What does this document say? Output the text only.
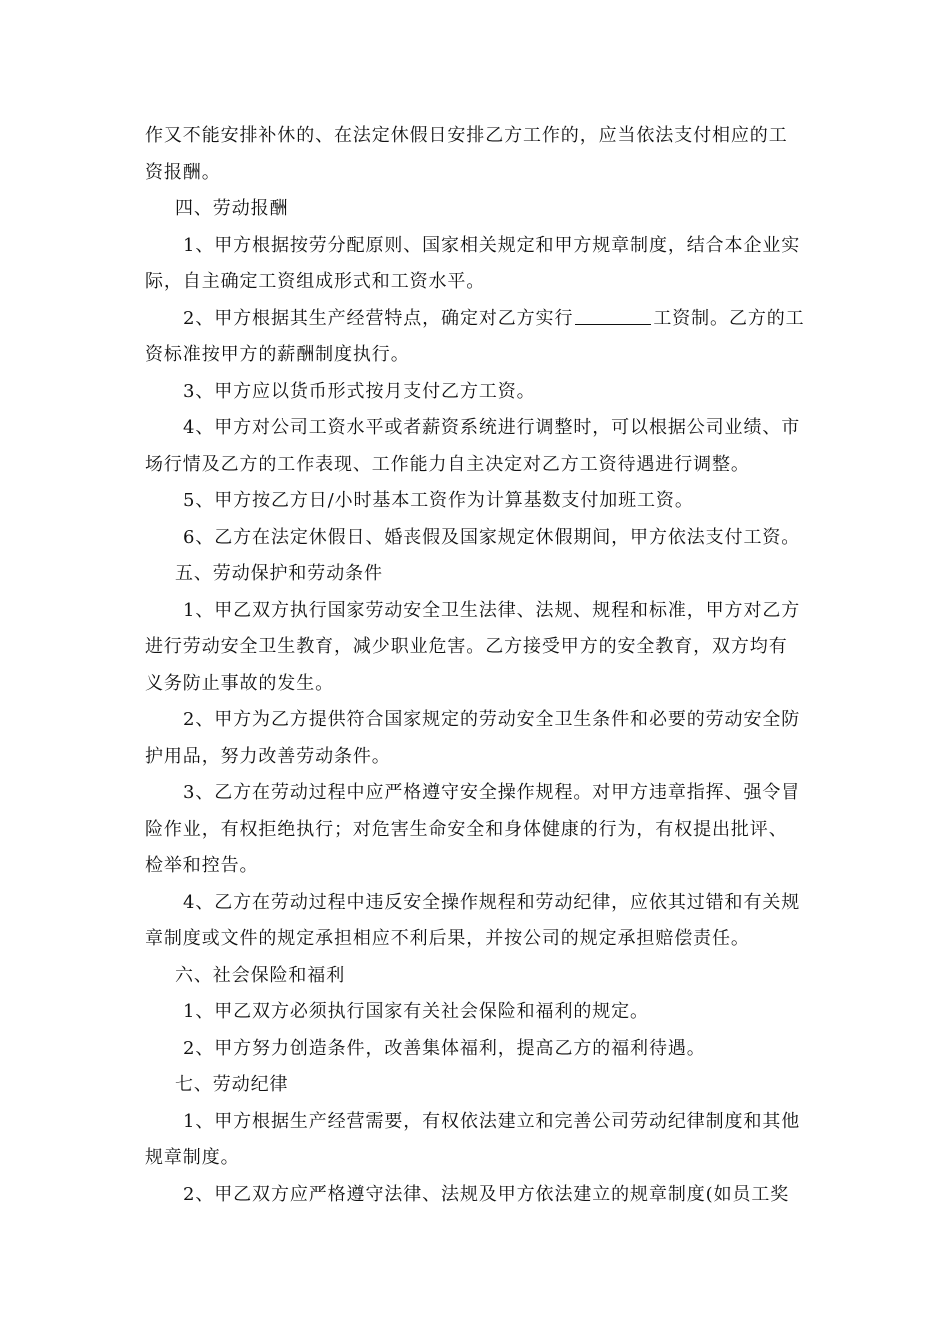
作又不能安排补休的、在法定休假日安排乙方工作的，应当依法支付相应的工
资报酬。
四、劳动报酬
1、甲方根据按劳分配原则、国家相关规定和甲方规章制度，结合本企业实
际，自主确定工资组成形式和工资水平。
2、甲方根据其生产经营特点，确定对乙方实行	工资制。乙方的工
资标准按甲方的薪酬制度执行。
3、甲方应以货币形式按月支付乙方工资。
4、甲方对公司工资水平或者薪资系统进行调整时，可以根据公司业绩、市
场行情及乙方的工作表现、工作能力自主决定对乙方工资待遇进行调整。
5、甲方按乙方日/小时基本工资作为计算基数支付加班工资。
6、乙方在法定休假日、婚丧假及国家规定休假期间，甲方依法支付工资。
五、劳动保护和劳动条件
1、甲乙双方执行国家劳动安全卫生法律、法规、规程和标准，甲方对乙方
进行劳动安全卫生教育，减少职业危害。乙方接受甲方的安全教育，双方均有
义务防止事故的发生。
2、甲方为乙方提供符合国家规定的劳动安全卫生条件和必要的劳动安全防
护用品，努力改善劳动条件。
3、乙方在劳动过程中应严格遵守安全操作规程。对甲方违章指挥、强令冒
险作业，有权拒绝执行；对危害生命安全和身体健康的行为，有权提出批评、
检举和控告。
4、乙方在劳动过程中违反安全操作规程和劳动纪律，应依其过错和有关规
章制度或文件的规定承担相应不利后果，并按公司的规定承担赔偿责任。
六、社会保险和福利
1、甲乙双方必须执行国家有关社会保险和福利的规定。
2、甲方努力创造条件，改善集体福利，提高乙方的福利待遇。
七、劳动纪律
1、甲方根据生产经营需要，有权依法建立和完善公司劳动纪律制度和其他
规章制度。
2、甲乙双方应严格遵守法律、法规及甲方依法建立的规章制度(如员工奖
